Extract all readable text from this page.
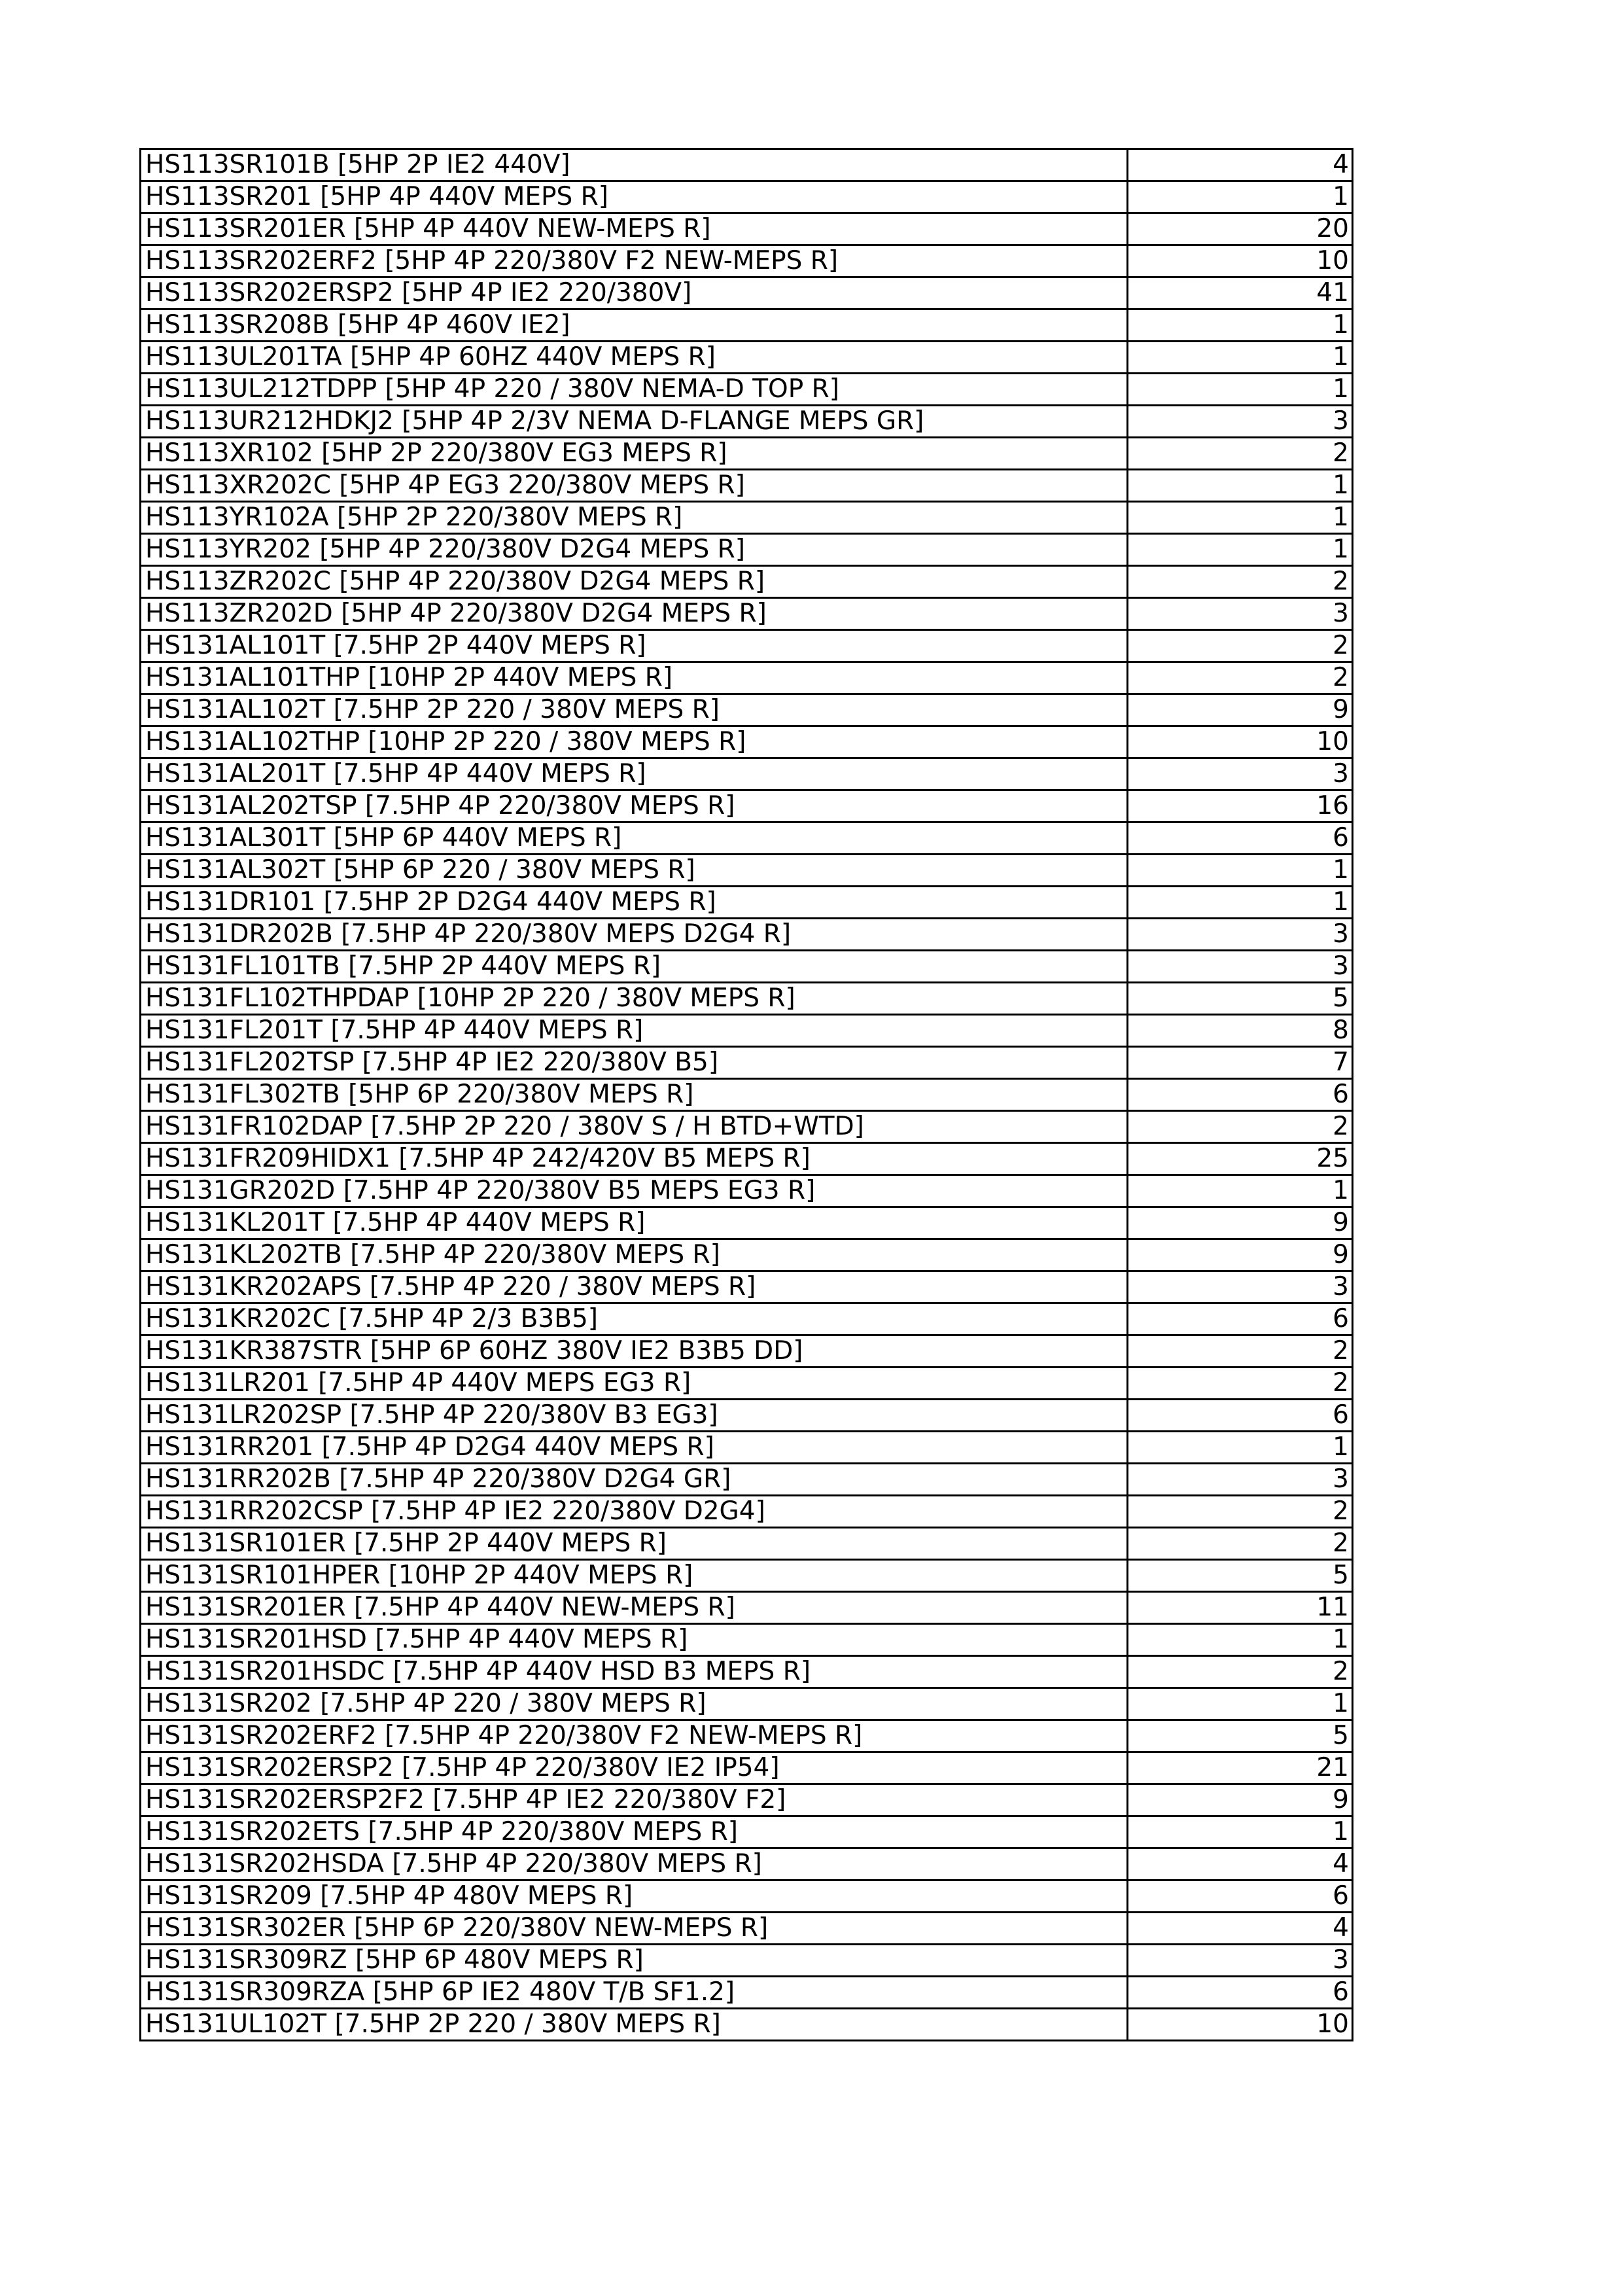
HS113SR101B [5HP 2P IE2 440V]	4
HS113SR201 [5HP 4P 440V MEPS R]	1
HS113SR201ER [5HP 4P 440V NEW-MEPS R]	20
HS113SR202ERF2 [5HP 4P 220/380V F2 NEW-MEPS R]	10
HS113SR202ERSP2 [5HP 4P IE2 220/380V]	41
HS113SR208B [5HP 4P 460V IE2]	1
HS113UL201TA [5HP 4P 60HZ 440V MEPS R]	1
HS113UL212TDPP [5HP 4P 220 / 380V NEMA-D TOP R]	1
HS113UR212HDKJ2 [5HP 4P 2/3V NEMA D-FLANGE MEPS GR]	3
HS113XR102 [5HP 2P 220/380V EG3 MEPS R]	2
HS113XR202C [5HP 4P EG3 220/380V MEPS R]	1
HS113YR102A [5HP 2P 220/380V MEPS R]	1
HS113YR202 [5HP 4P 220/380V D2G4 MEPS R]	1
HS113ZR202C [5HP 4P 220/380V D2G4 MEPS R]	2
HS113ZR202D [5HP 4P 220/380V D2G4 MEPS R]	3
HS131AL101T [7.5HP 2P 440V MEPS R]	2
HS131AL101THP [10HP 2P 440V MEPS R]	2
HS131AL102T [7.5HP 2P 220 / 380V MEPS R]	9
HS131AL102THP [10HP 2P 220 / 380V MEPS R]	10
HS131AL201T [7.5HP 4P 440V MEPS R]	3
HS131AL202TSP [7.5HP 4P 220/380V MEPS R]	16
HS131AL301T [5HP 6P 440V MEPS R]	6
HS131AL302T [5HP 6P 220 / 380V MEPS R]	1
HS131DR101 [7.5HP 2P D2G4 440V MEPS R]	1
HS131DR202B [7.5HP 4P 220/380V MEPS D2G4 R]	3
HS131FL101TB [7.5HP 2P 440V MEPS R]	3
HS131FL102THPDAP [10HP 2P 220 / 380V MEPS R]	5
HS131FL201T [7.5HP 4P 440V MEPS R]	8
HS131FL202TSP [7.5HP 4P IE2 220/380V B5]	7
HS131FL302TB [5HP 6P 220/380V MEPS R]	6
HS131FR102DAP [7.5HP 2P 220 / 380V S / H BTD+WTD]	2
HS131FR209HIDX1 [7.5HP 4P 242/420V B5 MEPS R]	25
HS131GR202D [7.5HP 4P 220/380V B5 MEPS EG3 R]	1
HS131KL201T [7.5HP 4P 440V MEPS R]	9
HS131KL202TB [7.5HP 4P 220/380V MEPS R]	9
HS131KR202APS [7.5HP 4P 220 / 380V MEPS R]	3
HS131KR202C [7.5HP 4P 2/3 B3B5]	6
HS131KR387STR [5HP 6P 60HZ 380V IE2 B3B5 DD]	2
HS131LR201 [7.5HP 4P 440V MEPS EG3 R]	2
HS131LR202SP [7.5HP 4P 220/380V B3 EG3]	6
HS131RR201 [7.5HP 4P D2G4 440V MEPS R]	1
HS131RR202B [7.5HP 4P 220/380V D2G4 GR]	3
HS131RR202CSP [7.5HP 4P IE2 220/380V D2G4]	2
HS131SR101ER [7.5HP 2P 440V MEPS R]	2
HS131SR101HPER [10HP 2P 440V MEPS R]	5
HS131SR201ER [7.5HP 4P 440V NEW-MEPS R]	11
HS131SR201HSD [7.5HP 4P 440V MEPS R]	1
HS131SR201HSDC [7.5HP 4P 440V HSD B3 MEPS R]	2
HS131SR202 [7.5HP 4P 220 / 380V MEPS R]	1
HS131SR202ERF2 [7.5HP 4P 220/380V F2 NEW-MEPS R]	5
HS131SR202ERSP2 [7.5HP 4P 220/380V IE2 IP54]	21
HS131SR202ERSP2F2 [7.5HP 4P IE2 220/380V F2]	9
HS131SR202ETS [7.5HP 4P 220/380V MEPS R]	1
HS131SR202HSDA [7.5HP 4P 220/380V MEPS R]	4
HS131SR209 [7.5HP 4P 480V MEPS R]	6
HS131SR302ER [5HP 6P 220/380V NEW-MEPS R]	4
HS131SR309RZ [5HP 6P 480V MEPS R]	3
HS131SR309RZA [5HP 6P IE2 480V T/B SF1.2]	6
HS131UL102T [7.5HP 2P 220 / 380V MEPS R]	10
